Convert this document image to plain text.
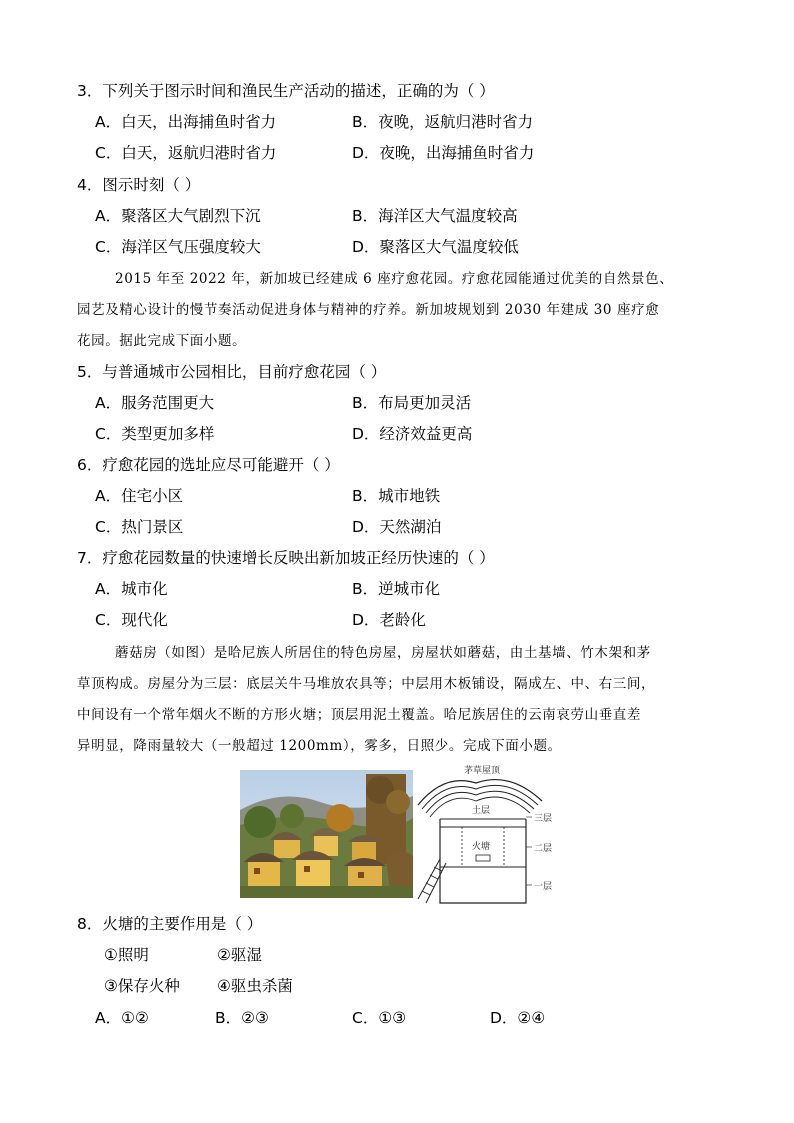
3．下列关于图示时间和渔民生产活动的描述，正确的为（ ）
A．白天，出海捕鱼时省力	B．夜晚，返航归港时省力
C．白天，返航归港时省力	D．夜晚，出海捕鱼时省力
4．图示时刻（ ）
A．聚落区大气剧烈下沉	B．海洋区大气温度较高
C．海洋区气压强度较大	D．聚落区大气温度较低
2015 年至 2022 年，新加坡已经建成 6 座疗愈花园。疗愈花园能通过优美的自然景色、
园艺及精心设计的慢节奏活动促进身体与精神的疗养。新加坡规划到 2030 年建成 30 座疗愈
花园。据此完成下面小题。
5．与普通城市公园相比，目前疗愈花园（ ）
A．服务范围更大	B．布局更加灵活
C．类型更加多样	D．经济效益更高
6．疗愈花园的选址应尽可能避开（ ）
A．住宅小区	B．城市地铁
C．热门景区	D．天然湖泊
7．疗愈花园数量的快速增长反映出新加坡正经历快速的（ ）
A．城市化	B．逆城市化
C．现代化	D．老龄化
蘑菇房（如图）是哈尼族人所居住的特色房屋，房屋状如蘑菇，由土基墙、竹木架和茅
草顶构成。房屋分为三层：底层关牛马堆放农具等；中层用木板铺设，隔成左、中、右三间，
中间设有一个常年烟火不断的方形火塘；顶层用泥土覆盖。哈尼族居住的云南哀劳山垂直差
异明显，降雨量较大（一般超过 1200mm），雾多，日照少。完成下面小题。
茅草屋顶
土层
火塘
三层
二层
一层
8．火塘的主要作用是（ ）
①照明	②驱湿
③保存火种 ④驱虫杀菌
A．①②	B．②③	C．①③	D．②④
